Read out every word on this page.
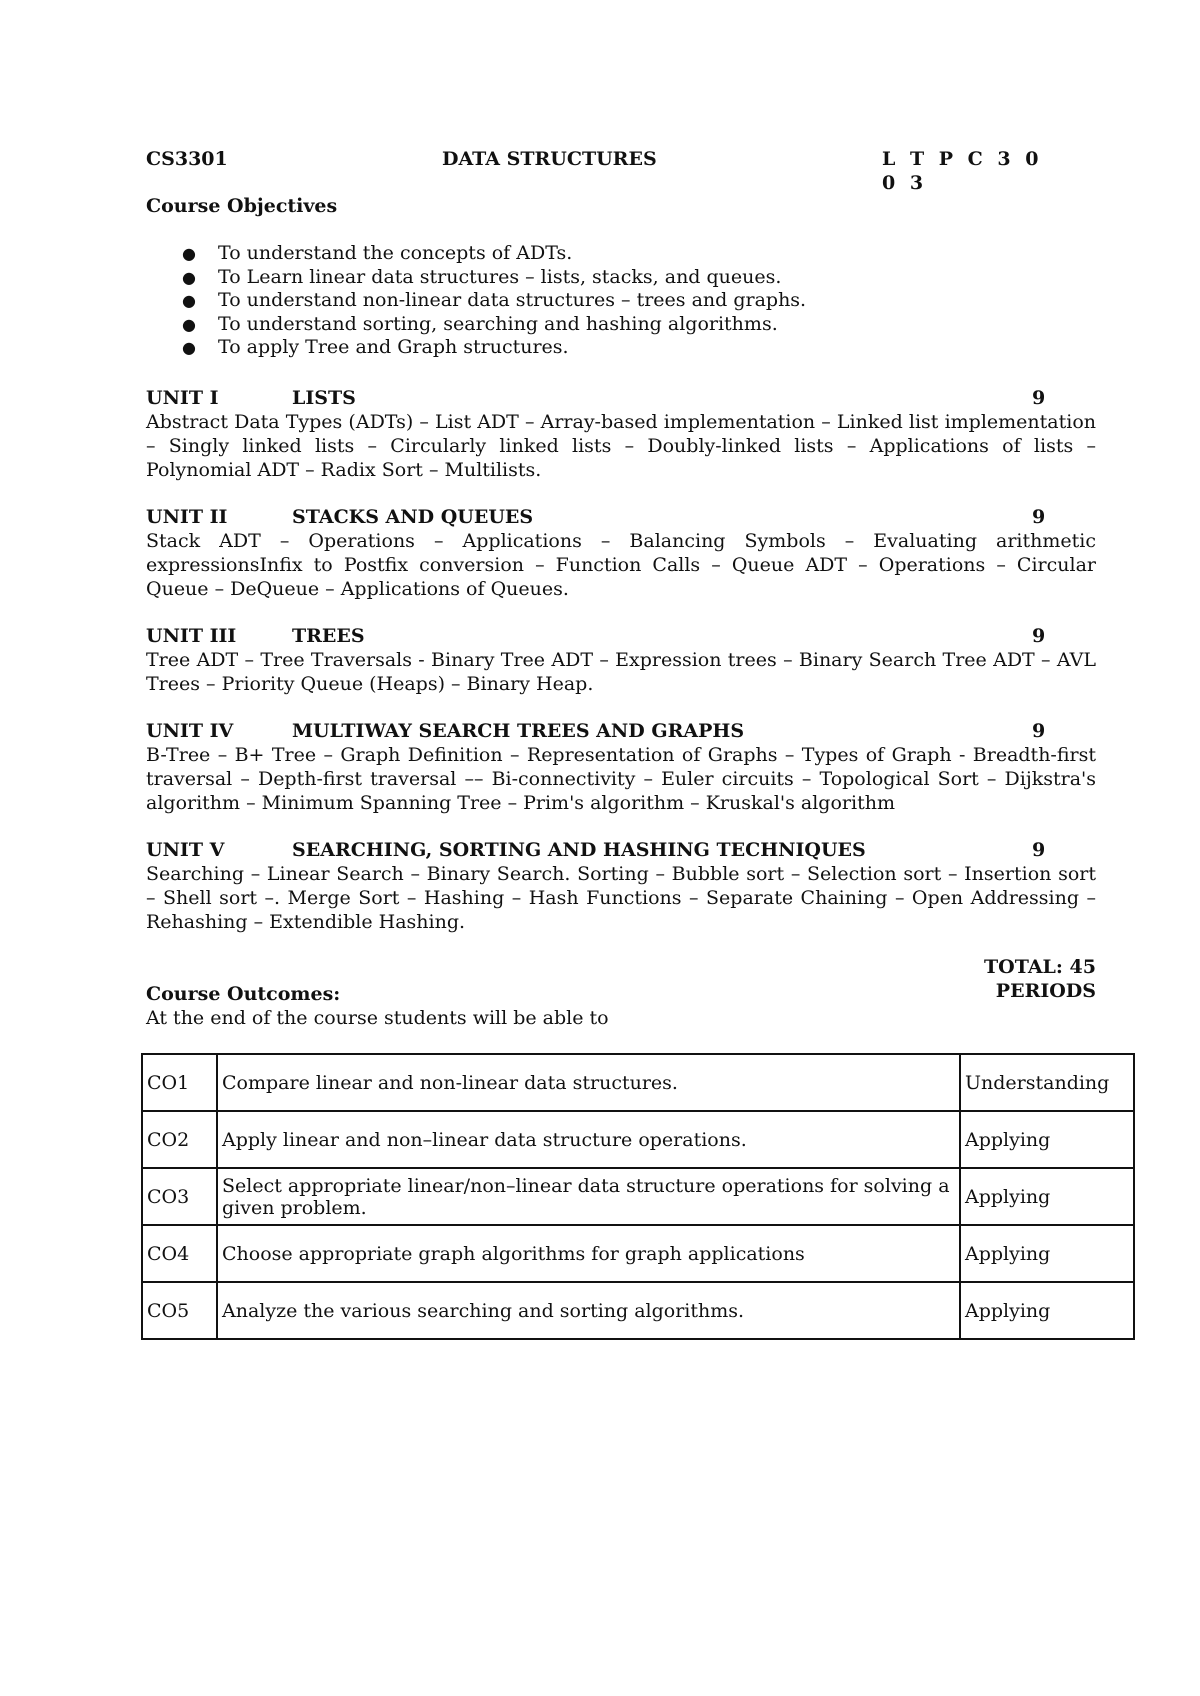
CS3301	DATA STRUCTURES	L T P C 3 0 0 3
Course Objectives
● To understand the concepts of ADTs.
● To Learn linear data structures – lists, stacks, and queues.
● To understand non-linear data structures – trees and graphs.
● To understand sorting, searching and hashing algorithms.
● To apply Tree and Graph structures.
UNIT I	LISTS	9

Abstract Data Types (ADTs) – List ADT – Array-based implementation – Linked list implementation – Singly linked lists – Circularly linked lists – Doubly-linked lists – Applications of lists – Polynomial ADT – Radix Sort – Multilists.

UNIT II	STACKS AND QUEUES	9

Stack ADT – Operations – Applications – Balancing Symbols – Evaluating arithmetic expressionsInfix to Postfix conversion – Function Calls – Queue ADT – Operations – Circular Queue – DeQueue – Applications of Queues.

UNIT III	TREES	9

Tree ADT – Tree Traversals - Binary Tree ADT – Expression trees – Binary Search Tree ADT – AVL Trees – Priority Queue (Heaps) – Binary Heap.

UNIT IV	MULTIWAY SEARCH TREES AND GRAPHS	9

B-Tree – B+ Tree – Graph Definition – Representation of Graphs – Types of Graph - Breadth-first traversal – Depth-first traversal –– Bi-connectivity – Euler circuits – Topological Sort – Dijkstra's algorithm – Minimum Spanning Tree – Prim's algorithm – Kruskal's algorithm

UNIT V	SEARCHING, SORTING AND HASHING TECHNIQUES	9

Searching – Linear Search – Binary Search. Sorting – Bubble sort – Selection sort – Insertion sort – Shell sort –. Merge Sort – Hashing – Hash Functions – Separate Chaining – Open Addressing –Rehashing – Extendible Hashing.

TOTAL: 45 PERIODS
Course Outcomes:
At the end of the course students will be able to
CO1	Compare linear and non-linear data structures.	Understanding
CO2	Apply linear and non–linear data structure operations.	Applying
CO3	Select appropriate linear/non–linear data structure operations for solving a given problem.	Applying
CO4	Choose appropriate graph algorithms for graph applications	Applying
CO5	Analyze the various searching and sorting algorithms.	Applying
